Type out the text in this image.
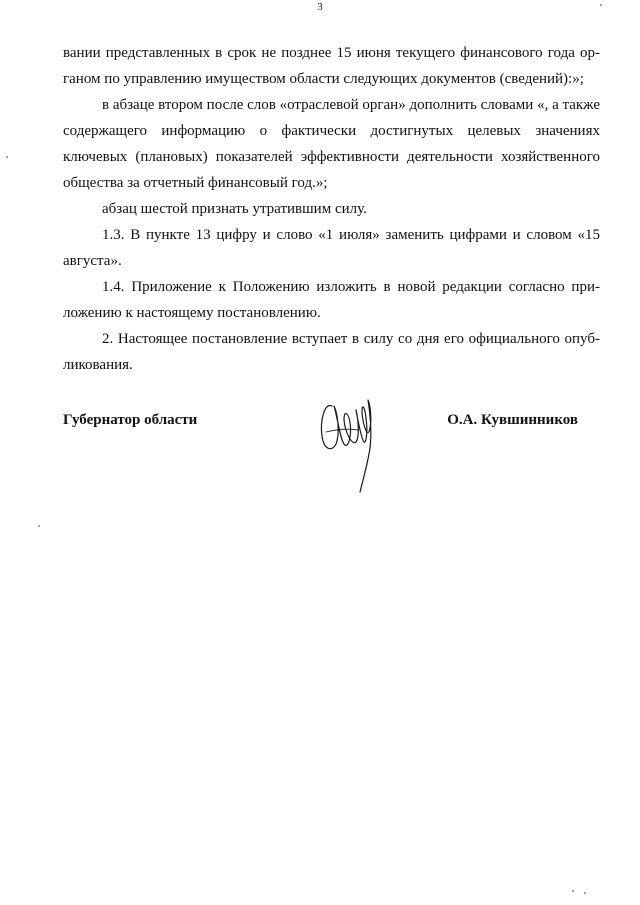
3

вании представленных в срок не позднее 15 июня текущего финансового года органом по управлению имуществом области следующих документов (сведений):»;

в абзаце втором после слов «отраслевой орган» дополнить словами «, а также содержащего информацию о фактически достигнутых целевых значениях ключевых (плановых) показателей эффективности деятельности хозяйственного общества за отчетный финансовый год.»;

абзац шестой признать утратившим силу.

1.3. В пункте 13 цифру и слово «1 июля» заменить цифрами и словом «15 августа».

1.4. Приложение к Положению изложить в новой редакции согласно приложению к настоящему постановлению.

2. Настоящее постановление вступает в силу со дня его официального опубликования.

Губернатор области	О.А. Кувшинников
